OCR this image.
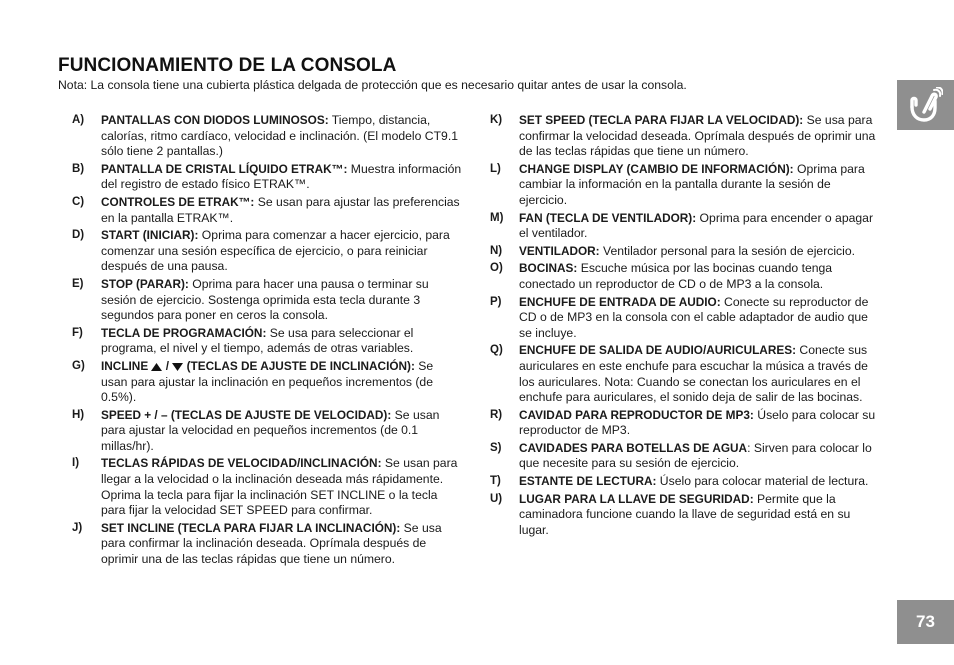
FUNCIONAMIENTO DE LA CONSOLA
Nota: La consola tiene una cubierta plástica delgada de protección que es necesario quitar antes de usar la consola.
A)	PANTALLAS CON DIODOS LUMINOSOS: Tiempo, distancia, calorías, ritmo cardíaco, velocidad e inclinación. (El modelo CT9.1 sólo tiene 2 pantallas.)
B)	PANTALLA DE CRISTAL LÍQUIDO ETRAK™: Muestra información del registro de estado físico ETRAK™.
C)	CONTROLES DE ETRAK™: Se usan para ajustar las preferencias en la pantalla ETRAK™.
D)	START (INICIAR): Oprima para comenzar a hacer ejercicio, para comenzar una sesión específica de ejercicio, o para reiniciar después de una pausa.
E)	STOP (PARAR): Oprima para hacer una pausa o terminar su sesión de ejercicio. Sostenga oprimida esta tecla durante 3 segundos para poner en ceros la consola.
F)	TECLA DE PROGRAMACIÓN: Se usa para seleccionar el programa, el nivel y el tiempo, además de otras variables.
G)	INCLINE  /  (TECLAS DE AJUSTE DE INCLINACIÓN): Se usan para ajustar la inclinación en pequeños incrementos (de 0.5%).
H)	SPEED + / – (TECLAS DE AJUSTE DE VELOCIDAD): Se usan para ajustar la velocidad en pequeños incrementos (de 0.1 millas/hr).
I)	TECLAS RÁPIDAS DE VELOCIDAD/INCLINACIÓN: Se usan para llegar a la velocidad o la inclinación deseada más rápidamente. Oprima la tecla para fijar la inclinación SET INCLINE o la tecla para fijar la velocidad SET SPEED para confirmar.
J)	SET INCLINE (TECLA PARA FIJAR LA INCLINACIÓN): Se usa para confirmar la inclinación deseada. Oprímala después de oprimir una de las teclas rápidas que tiene un número.
K)	SET SPEED (TECLA PARA FIJAR LA VELOCIDAD): Se usa para confirmar la velocidad deseada. Oprímala después de oprimir una de las teclas rápidas que tiene un número.
L)	CHANGE DISPLAY (CAMBIO DE INFORMACIÓN): Oprima para cambiar la información en la pantalla durante la sesión de ejercicio.
M)	FAN (TECLA DE VENTILADOR): Oprima para encender o apagar el ventilador.
N)	VENTILADOR: Ventilador personal para la sesión de ejercicio.
O)	BOCINAS: Escuche música por las bocinas cuando tenga conectado un reproductor de CD o de MP3 a la consola.
P)	ENCHUFE DE ENTRADA DE AUDIO: Conecte su reproductor de CD o de MP3 en la consola con el cable adaptador de audio que se incluye.
Q)	ENCHUFE DE SALIDA DE AUDIO/AURICULARES: Conecte sus auriculares en este enchufe para escuchar la música a través de los auriculares. Nota: Cuando se conectan los auriculares en el enchufe para auriculares, el sonido deja de salir de las bocinas.
R)	CAVIDAD PARA REPRODUCTOR DE MP3: Úselo para colocar su reproductor de MP3.
S)	CAVIDADES PARA BOTELLAS DE AGUA: Sirven para colocar lo que necesite para su sesión de ejercicio.
T)	ESTANTE DE LECTURA: Úselo para colocar material de lectura.
U)	LUGAR PARA LA LLAVE DE SEGURIDAD: Permite que la caminadora funcione cuando la llave de seguridad está en su lugar.
73
